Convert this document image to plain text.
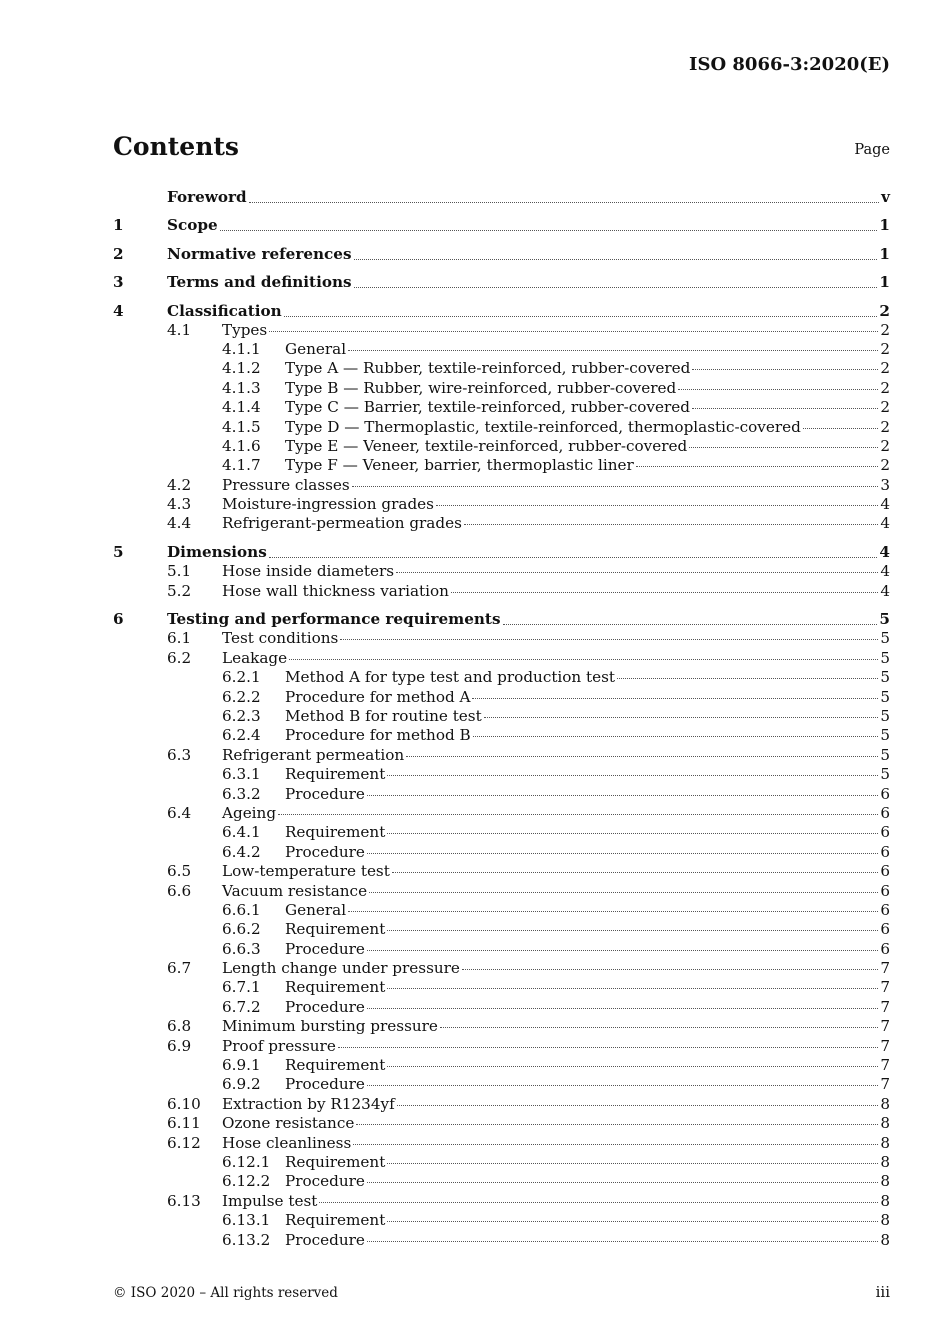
ISO 8066-3:2020(E)
Contents	Page
Foreword	v
1	Scope	1
2	Normative references	1
3	Terms and definitions	1
4	Classification	2
4.1	Types	2
4.1.1	General	2
4.1.2	Type A — Rubber, textile-reinforced, rubber-covered	2
4.1.3	Type B — Rubber, wire-reinforced, rubber-covered	2
4.1.4	Type C — Barrier, textile-reinforced, rubber-covered	2
4.1.5	Type D — Thermoplastic, textile-reinforced, thermoplastic-covered	2
4.1.6	Type E — Veneer, textile-reinforced, rubber-covered	2
4.1.7	Type F — Veneer, barrier, thermoplastic liner	2
4.2	Pressure classes	3
4.3	Moisture-ingression grades	4
4.4	Refrigerant-permeation grades	4
5	Dimensions	4
5.1	Hose inside diameters	4
5.2	Hose wall thickness variation	4
6	Testing and performance requirements	5
6.1	Test conditions	5
6.2	Leakage	5
6.2.1	Method A for type test and production test	5
6.2.2	Procedure for method A	5
6.2.3	Method B for routine test	5
6.2.4	Procedure for method B	5
6.3	Refrigerant permeation	5
6.3.1	Requirement	5
6.3.2	Procedure	6
6.4	Ageing	6
6.4.1	Requirement	6
6.4.2	Procedure	6
6.5	Low-temperature test	6
6.6	Vacuum resistance	6
6.6.1	General	6
6.6.2	Requirement	6
6.6.3	Procedure	6
6.7	Length change under pressure	7
6.7.1	Requirement	7
6.7.2	Procedure	7
6.8	Minimum bursting pressure	7
6.9	Proof pressure	7
6.9.1	Requirement	7
6.9.2	Procedure	7
6.10	Extraction by R1234yf	8
6.11	Ozone resistance	8
6.12	Hose cleanliness	8
6.12.1 Requirement	8
6.12.2 Procedure	8
6.13	Impulse test	8
6.13.1 Requirement	8
6.13.2 Procedure	8
© ISO 2020 – All rights reserved	iii
